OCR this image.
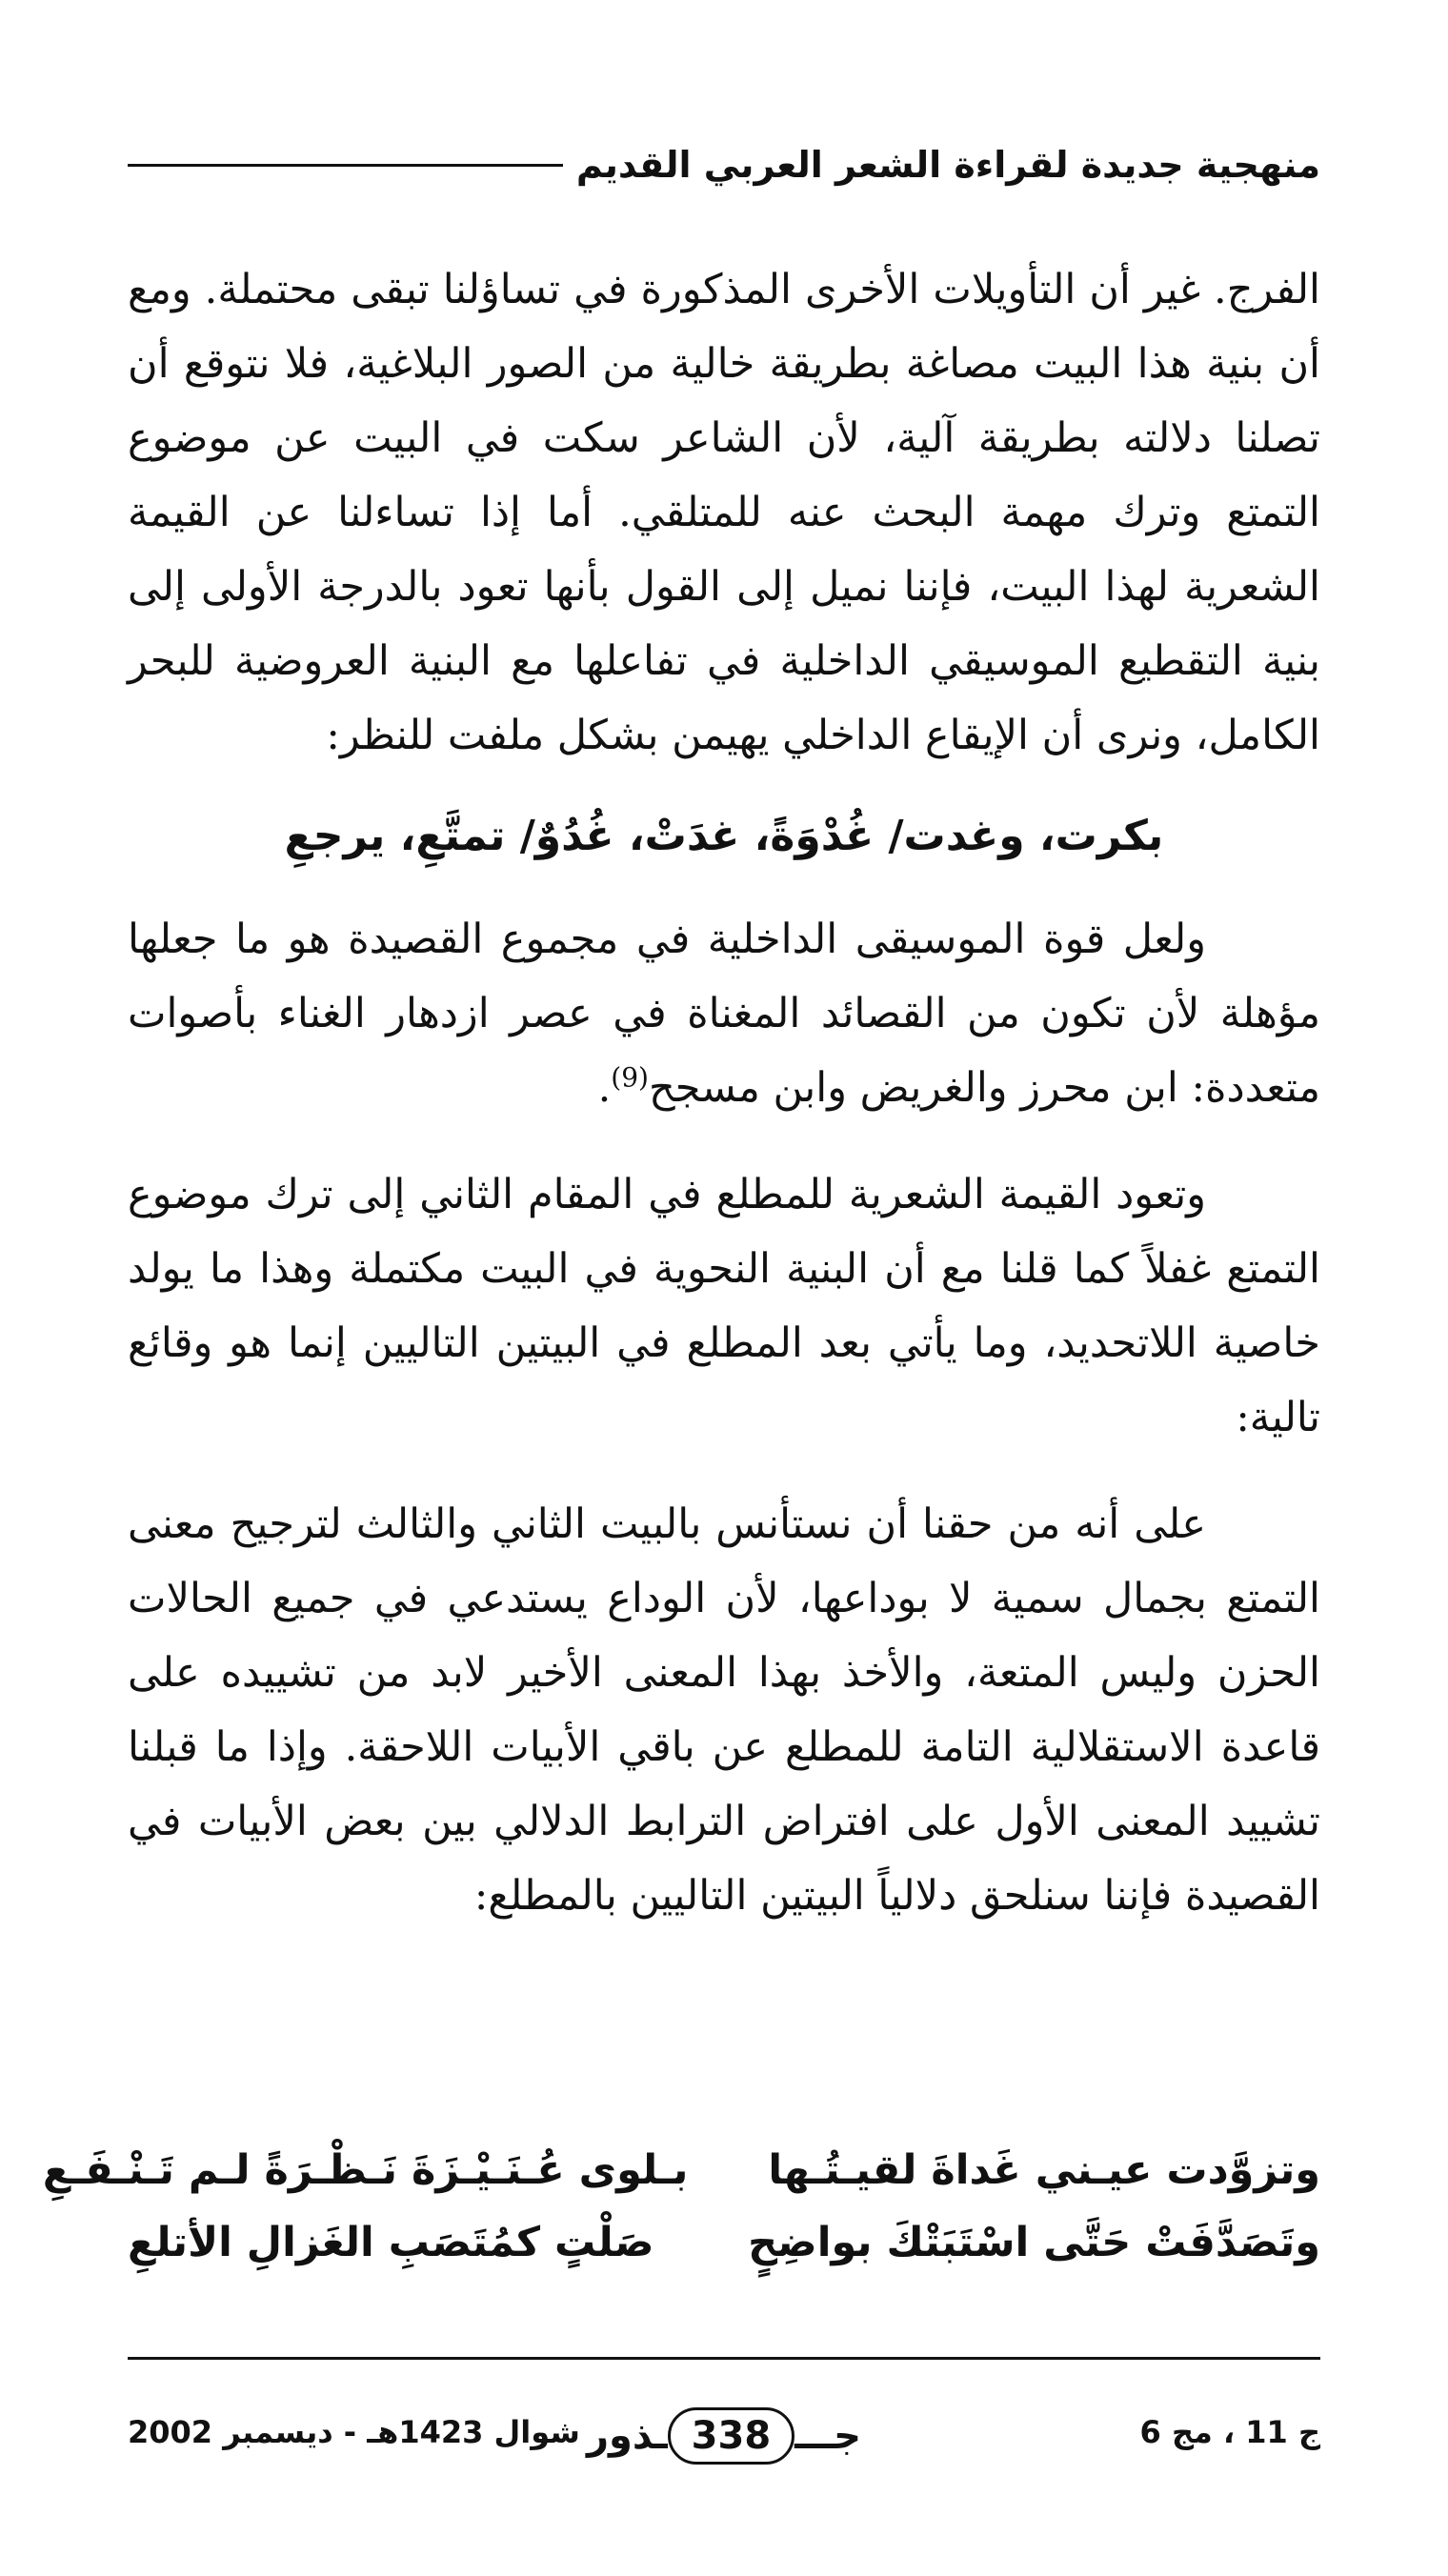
منهجية جديدة لقراءة الشعر العربي القديم

الفرج. غير أن التأويلات الأخرى المذكورة في تساؤلنا تبقى محتملة. ومع أن بنية هذا البيت مصاغة بطريقة خالية من الصور البلاغية، فلا نتوقع أن تصلنا دلالته بطريقة آلية، لأن الشاعر سكت في البيت عن موضوع التمتع وترك مهمة البحث عنه للمتلقي. أما إذا تساءلنا عن القيمة الشعرية لهذا البيت، فإننا نميل إلى القول بأنها تعود بالدرجة الأولى إلى بنية التقطيع الموسيقي الداخلية في تفاعلها مع البنية العروضية للبحر الكامل، ونرى أن الإيقاع الداخلي يهيمن بشكل ملفت للنظر:

بكرت، وغدت/ غُدْوَةً، غدَتْ، غُدُوٌ/ تمتَّعِ، يرجعِ

ولعل قوة الموسيقى الداخلية في مجموع القصيدة هو ما جعلها مؤهلة لأن تكون من القصائد المغناة في عصر ازدهار الغناء بأصوات متعددة: ابن محرز والغريض وابن مسجح$^{(9)}$.

وتعود القيمة الشعرية للمطلع في المقام الثاني إلى ترك موضوع التمتع غفلاً كما قلنا مع أن البنية النحوية في البيت مكتملة وهذا ما يولد خاصية اللاتحديد، وما يأتي بعد المطلع في البيتين التاليين إنما هو وقائع تالية:

على أنه من حقنا أن نستأنس بالبيت الثاني والثالث لترجيح معنى التمتع بجمال سمية لا بوداعها، لأن الوداع يستدعي في جميع الحالات الحزن وليس المتعة، والأخذ بهذا المعنى الأخير لابد من تشييده على قاعدة الاستقلالية التامة للمطلع عن باقي الأبيات اللاحقة. وإذا ما قبلنا تشييد المعنى الأول على افتراض الترابط الدلالي بين بعض الأبيات في القصيدة فإننا سنلحق دلالياً البيتين التاليين بالمطلع:

وتزوَّدت عيـني غَداةَ لقيـتُـها
بـلوى عُـنَـيْـزَةَ نَـظْـرَةً لـم تَـنْـفَـعِ
وتَصَدَّفَتْ حَتَّى اسْتَبَتْكَ بواضِحٍ
صَلْتٍ كمُتَصَبِ الغَزالِ الأتلعِ
ج 11 ، مج 6
ـذور 338 جـــ
شوال 1423هـ - ديسمبر 2002
